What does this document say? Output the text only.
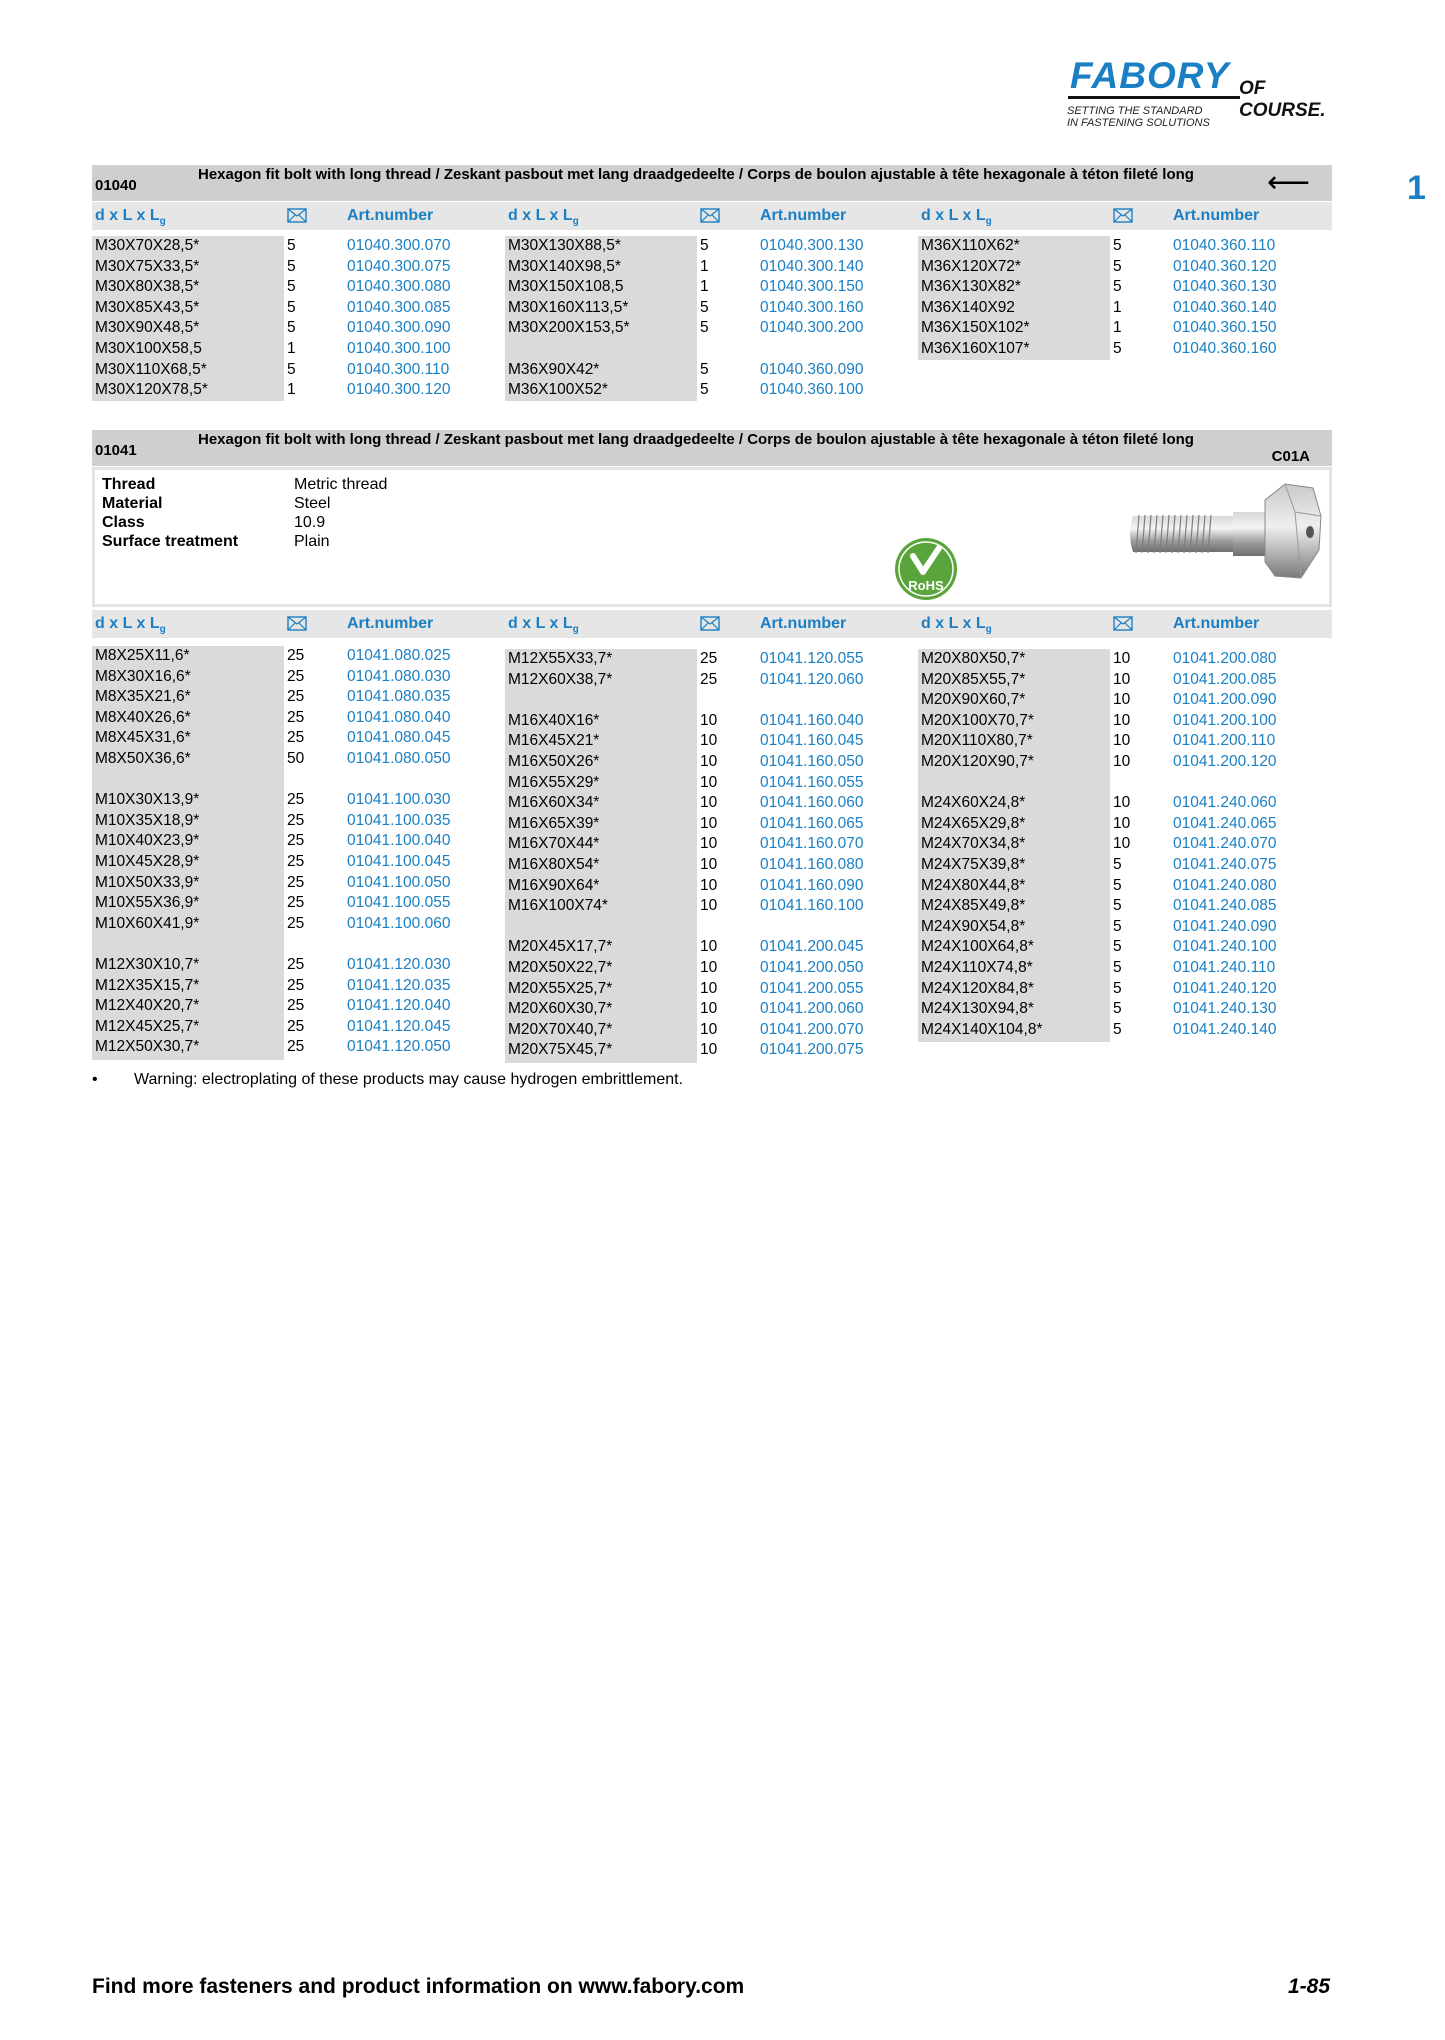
FABORY OF COURSE.
SETTING THE STANDARD
IN FASTENING SOLUTIONS
1
01040
Hexagon fit bolt with long thread / Zeskant pasbout met lang draadgedeelte / Corps de boulon ajustable à tête hexagonale à téton fileté long	⟵
d x L x $L_g$	Art.number	d x L x $L_g$	Art.number	d x L x $L_g$	Art.number
M30X70X28,5*	5	01040.300.070
M30X75X33,5*	5	01040.300.075
M30X80X38,5*	5	01040.300.080
M30X85X43,5*	5	01040.300.085
M30X90X48,5*	5	01040.300.090
M30X100X58,5	1	01040.300.100
M30X110X68,5*	5	01040.300.110
M30X120X78,5*	1	01040.300.120
M30X130X88,5*	5	01040.300.130
M30X140X98,5*	1	01040.300.140
M30X150X108,5	1	01040.300.150
M30X160X113,5*	5	01040.300.160
M30X200X153,5*	5	01040.300.200
M36X90X42*	5	01040.360.090
M36X100X52*	5	01040.360.100
M36X110X62*	5	01040.360.110
M36X120X72*	5	01040.360.120
M36X130X82*	5	01040.360.130
M36X140X92	1	01040.360.140
M36X150X102*	1	01040.360.150
M36X160X107*	5	01040.360.160
01041
Hexagon fit bolt with long thread / Zeskant pasbout met lang draadgedeelte / Corps de boulon ajustable à tête hexagonale à téton fileté long
C01A
Thread	Metric thread
Material	Steel
Class	10.9
Surface treatment	Plain
RoHS
d x L x $L_g$	Art.number	d x L x $L_g$	Art.number	d x L x $L_g$	Art.number
M8X25X11,6*	25	01041.080.025
M8X30X16,6*	25	01041.080.030
M8X35X21,6*	25	01041.080.035
M8X40X26,6*	25	01041.080.040
M8X45X31,6*	25	01041.080.045
M8X50X36,6*	50	01041.080.050
M10X30X13,9*	25	01041.100.030
M10X35X18,9*	25	01041.100.035
M10X40X23,9*	25	01041.100.040
M10X45X28,9*	25	01041.100.045
M10X50X33,9*	25	01041.100.050
M10X55X36,9*	25	01041.100.055
M10X60X41,9*	25	01041.100.060
M12X30X10,7*	25	01041.120.030
M12X35X15,7*	25	01041.120.035
M12X40X20,7*	25	01041.120.040
M12X45X25,7*	25	01041.120.045
M12X50X30,7*	25	01041.120.050
M12X55X33,7*	25	01041.120.055
M12X60X38,7*	25	01041.120.060
M16X40X16*	10	01041.160.040
M16X45X21*	10	01041.160.045
M16X50X26*	10	01041.160.050
M16X55X29*	10	01041.160.055
M16X60X34*	10	01041.160.060
M16X65X39*	10	01041.160.065
M16X70X44*	10	01041.160.070
M16X80X54*	10	01041.160.080
M16X90X64*	10	01041.160.090
M16X100X74*	10	01041.160.100
M20X45X17,7*	10	01041.200.045
M20X50X22,7*	10	01041.200.050
M20X55X25,7*	10	01041.200.055
M20X60X30,7*	10	01041.200.060
M20X70X40,7*	10	01041.200.070
M20X75X45,7*	10	01041.200.075
M20X80X50,7*	10	01041.200.080
M20X85X55,7*	10	01041.200.085
M20X90X60,7*	10	01041.200.090
M20X100X70,7*	10	01041.200.100
M20X110X80,7*	10	01041.200.110
M20X120X90,7*	10	01041.200.120
M24X60X24,8*	10	01041.240.060
M24X65X29,8*	10	01041.240.065
M24X70X34,8*	10	01041.240.070
M24X75X39,8*	5	01041.240.075
M24X80X44,8*	5	01041.240.080
M24X85X49,8*	5	01041.240.085
M24X90X54,8*	5	01041.240.090
M24X100X64,8*	5	01041.240.100
M24X110X74,8*	5	01041.240.110
M24X120X84,8*	5	01041.240.120
M24X130X94,8*	5	01041.240.130
M24X140X104,8*	5	01041.240.140
• Warning: electroplating of these products may cause hydrogen embrittlement.
Find more fasteners and product information on www.fabory.com	1-85
